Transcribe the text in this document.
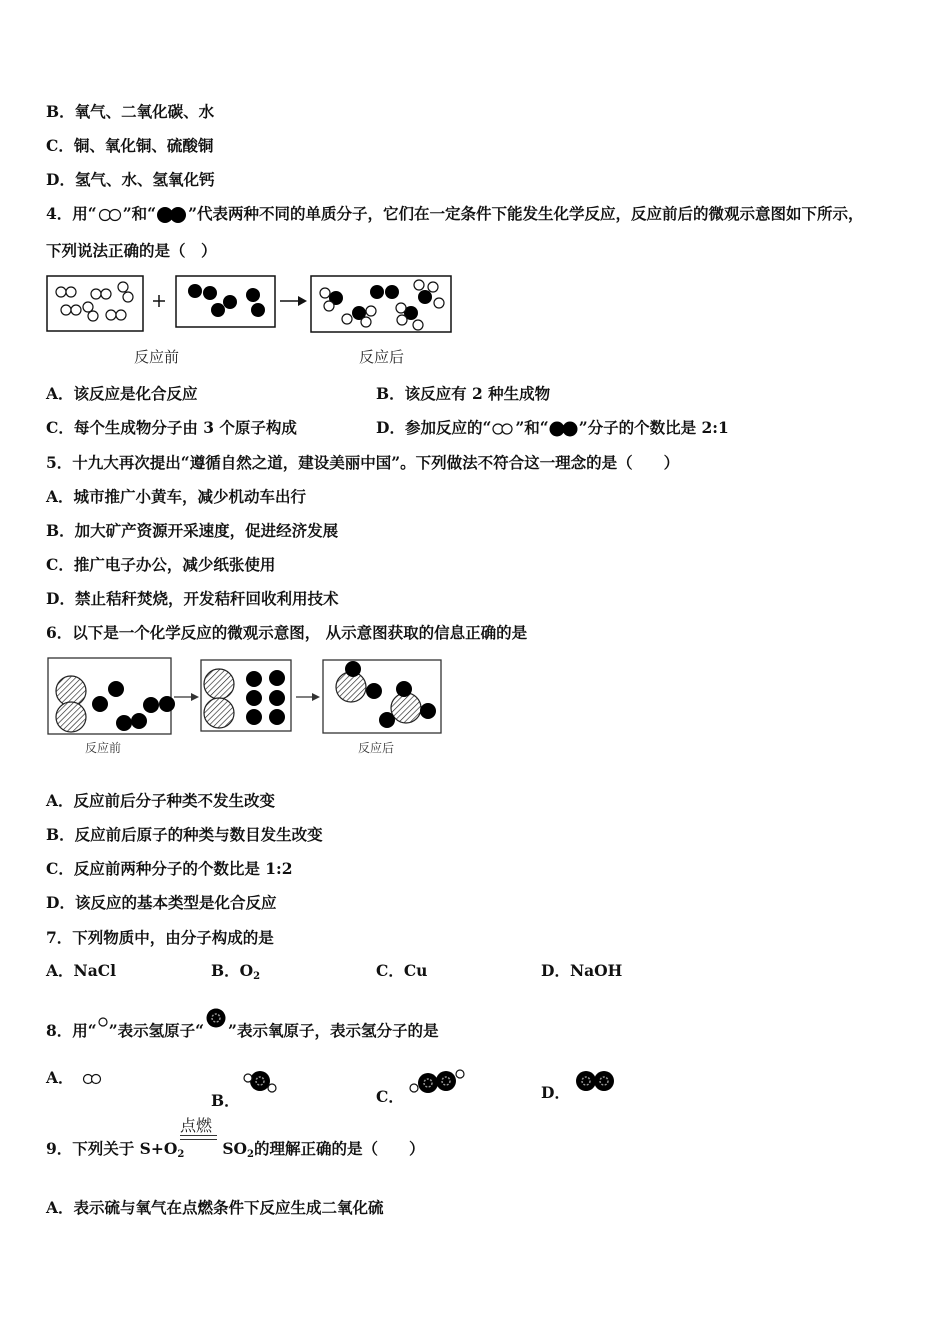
B．氧气、二氧化碳、水
C．铜、氧化铜、硫酸铜
D．氢气、水、氢氧化钙
4．用“ ”和“ ”代表两种不同的单质分子，它们在一定条件下能发生化学反应，反应前后的微观示意图如下所示，
下列说法正确的是（　）
反应前	反应后
A．该反应是化合反应	B．该反应有 2 种生成物
C．每个生成物分子由 3 个原子构成	D．参加反应的“ ”和“ ”分子的个数比是 2:1
5．十九大再次提出“遵循自然之道，建设美丽中国”。下列做法不符合这一理念的是（　　）
A．城市推广小黄车，减少机动车出行
B．加大矿产资源开采速度，促进经济发展
C．推广电子办公，减少纸张使用
D．禁止秸秆焚烧，开发秸秆回收利用技术
6．以下是一个化学反应的微观示意图， 从示意图获取的信息正确的是
反应前	反应后
A．反应前后分子种类不发生改变
B．反应前后原子的种类与数目发生改变
C．反应前两种分子的个数比是 1:2
D．该反应的基本类型是化合反应
7．下列物质中，由分子构成的是
A．NaCl	B．$O_2$	C．Cu	D．NaOH
8．用“ ”表示氢原子“ ”表示氧原子，表示氢分子的是
A．
B．	C．	D．
9．下列关于 $S+O_2$ $SO_2$的理解正确的是（　　）
点燃
A．表示硫与氧气在点燃条件下反应生成二氧化硫
